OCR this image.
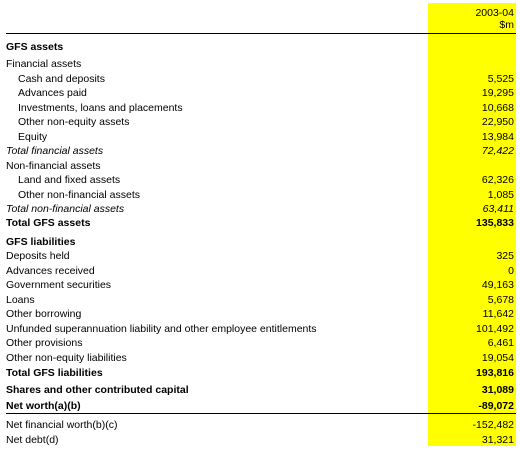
2003-04
$m
GFS assets
Financial assets
Cash and deposits	5,525
Advances paid	19,295
Investments, loans and placements	10,668
Other non-equity assets	22,950
Equity	13,984
Total financial assets	72,422
Non-financial assets
Land and fixed assets	62,326
Other non-financial assets	1,085
Total non-financial assets	63,411
Total GFS assets	135,833
GFS liabilities
Deposits held	325
Advances received	0
Government securities	49,163
Loans	5,678
Other borrowing	11,642
Unfunded superannuation liability and other employee entitlements	101,492
Other provisions	6,461
Other non-equity liabilities	19,054
Total GFS liabilities	193,816
Shares and other contributed capital	31,089
Net worth(a)(b)	-89,072
Net financial worth(b)(c)	-152,482
Net debt(d)	31,321
